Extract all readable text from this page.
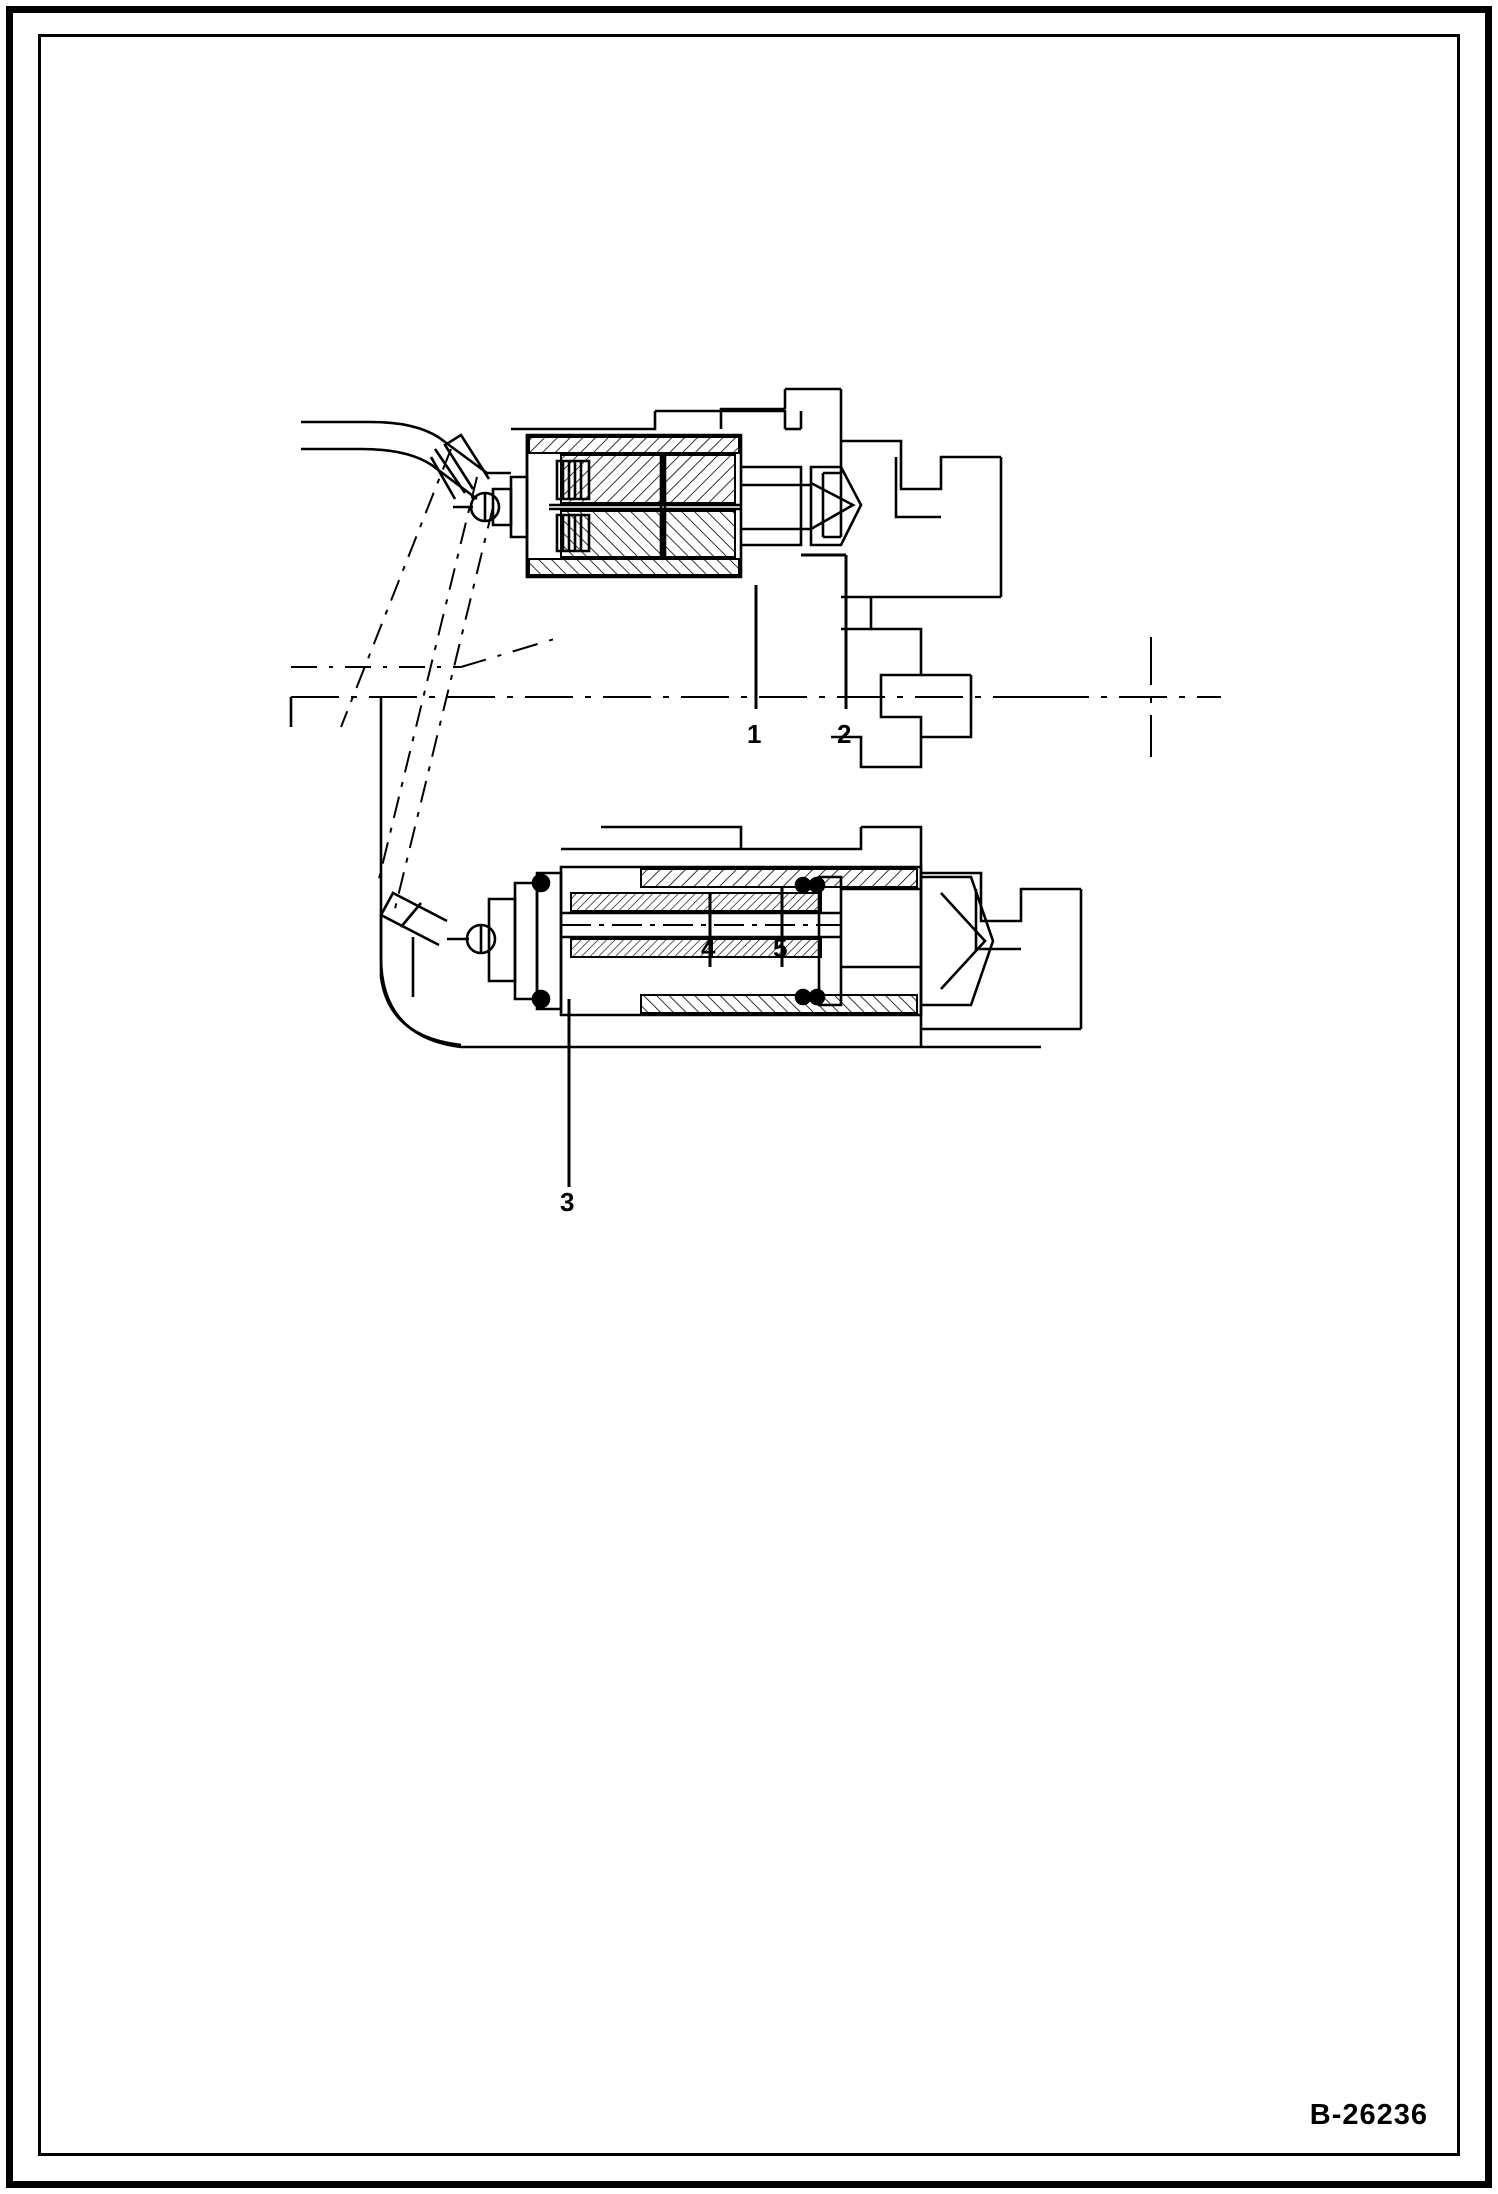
1	2
3
4 5
B-26236
